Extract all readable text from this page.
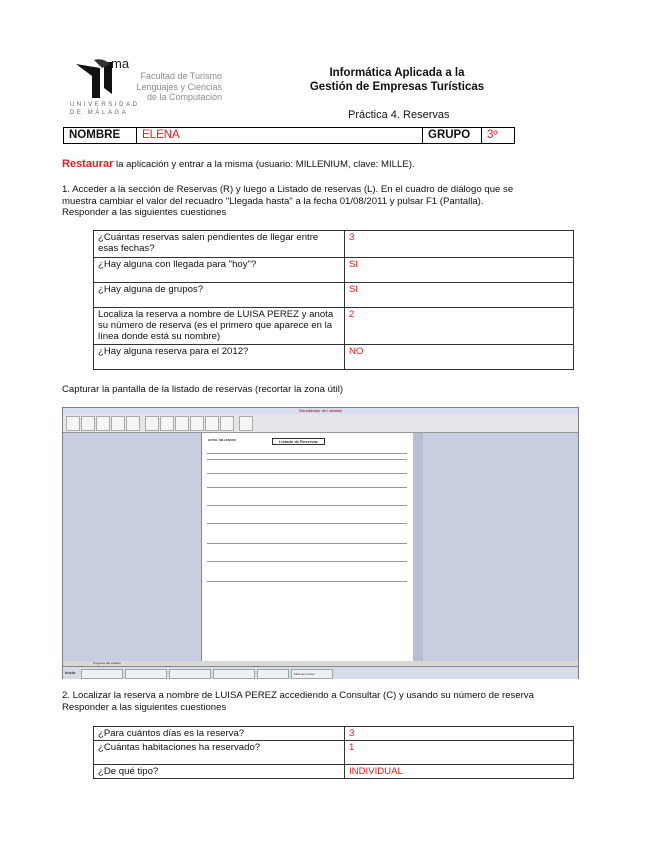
ma
Facultad de Turismo
Lenguajes y Ciencias
de la Computación
UNIVERSIDAD
DE MÁLAGA
Informática Aplicada a la
Gestión de Empresas Turísticas
Práctica 4. Reservas
NOMBRE	ELENA	GRUPO	3º
Restaurar la aplicación y entrar a la misma (usuario: MILLENIUM, clave: MILLE).
1. Acceder a la sección de Reservas (R) y luego a Listado de reservas (L). En el cuadro de diálogo que se
muestra cambiar el valor del recuadro "Llegada hasta" a la fecha 01/08/2011 y pulsar F1 (Pantalla).
Responder a las siguientes cuestiones
¿Cuántas reservas salen pendientes de llegar entre esas fechas?	3
¿Hay alguna con llegada para "hoy"?	SI
¿Hay alguna de grupos?	SI
Localiza la reserva a nombre de LUISA PEREZ y anota su número de reserva (es el primero que aparece en la línea donde está su nombre)	2
¿Hay alguna reserva para el 2012?	NO
Capturar la pantalla de la listado de reservas (recortar la zona útil)
Visualizador de Listados
HOTEL MILLENIUM	Listado de Reservas
Progreso del Listado
Inicio	Millenium Hotel
2. Localizar la reserva a nombre de LUISA PEREZ accediendo a Consultar (C) y usando su número de reserva
Responder a las siguientes cuestiones
¿Para cuántos días es la reserva?	3
¿Cuántas habitaciones ha reservado?	1
¿De qué tipo?	INDIVIDUAL
